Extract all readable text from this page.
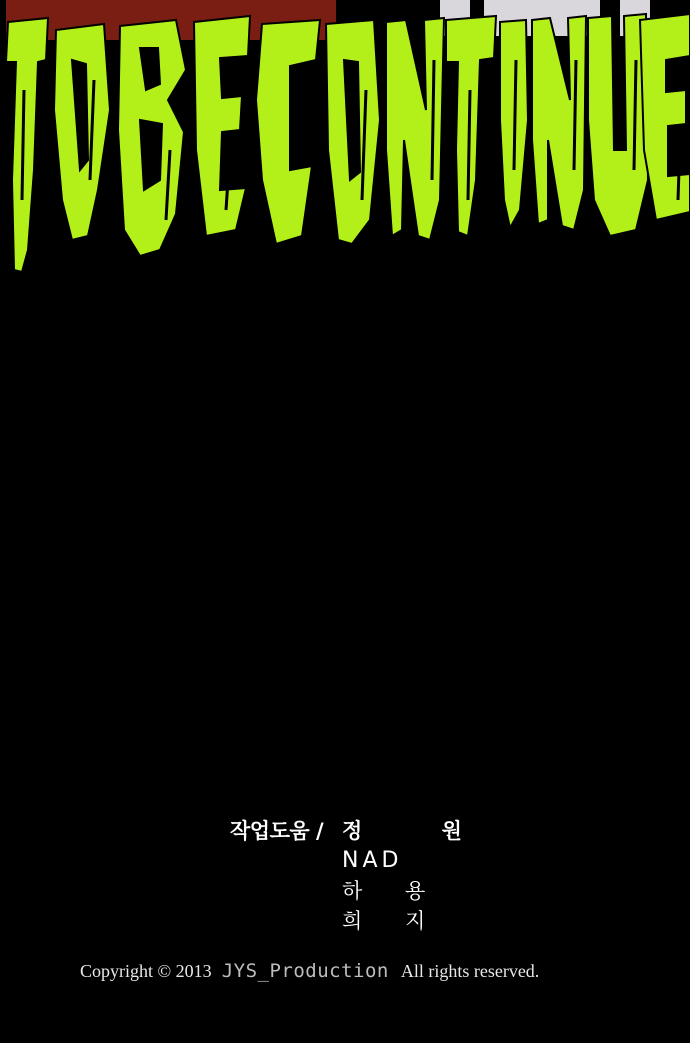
작업도움 / 정 원
NAD
하 용
희 지
Copyright © 2013 JYS_Production All rights reserved.
